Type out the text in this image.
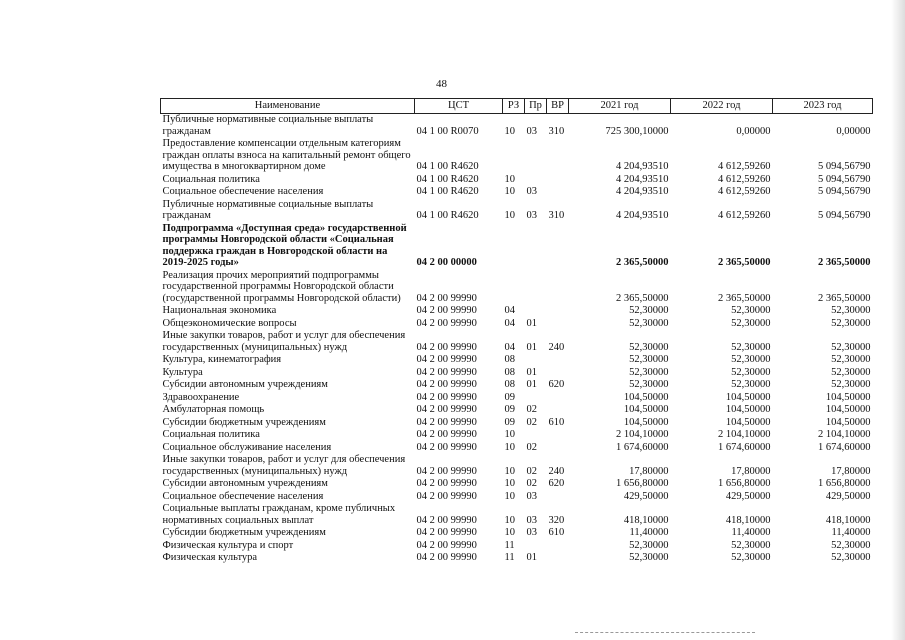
48
Наименование	ЦСТ	РЗ	Пр	ВР	2021 год	2022 год	2023 год
Публичные нормативные социальные выплаты гражданам	04 1 00 R0070	10	03	310	725 300,10000	0,00000	0,00000
Предоставление компенсации отдельным категориям граждан оплаты взноса на капитальный ремонт общего имущества в многоквартирном доме	04 1 00 R4620				4 204,93510	4 612,59260	5 094,56790
Социальная политика	04 1 00 R4620	10			4 204,93510	4 612,59260	5 094,56790
Социальное обеспечение населения	04 1 00 R4620	10	03		4 204,93510	4 612,59260	5 094,56790
Публичные нормативные социальные выплаты гражданам	04 1 00 R4620	10	03	310	4 204,93510	4 612,59260	5 094,56790
Подпрограмма «Доступная среда» государственной программы Новгородской области «Социальная поддержка граждан в Новгородской области на 2019-2025 годы»	04 2 00 00000				2 365,50000	2 365,50000	2 365,50000
Реализация прочих мероприятий подпрограммы государственной программы Новгородской области (государственной программы Новгородской области)	04 2 00 99990				2 365,50000	2 365,50000	2 365,50000
Национальная экономика	04 2 00 99990	04			52,30000	52,30000	52,30000
Общеэкономические вопросы	04 2 00 99990	04	01		52,30000	52,30000	52,30000
Иные закупки товаров, работ и услуг для обеспечения государственных (муниципальных) нужд	04 2 00 99990	04	01	240	52,30000	52,30000	52,30000
Культура, кинематография	04 2 00 99990	08			52,30000	52,30000	52,30000
Культура	04 2 00 99990	08	01		52,30000	52,30000	52,30000
Субсидии автономным учреждениям	04 2 00 99990	08	01	620	52,30000	52,30000	52,30000
Здравоохранение	04 2 00 99990	09			104,50000	104,50000	104,50000
Амбулаторная помощь	04 2 00 99990	09	02		104,50000	104,50000	104,50000
Субсидии бюджетным учреждениям	04 2 00 99990	09	02	610	104,50000	104,50000	104,50000
Социальная политика	04 2 00 99990	10			2 104,10000	2 104,10000	2 104,10000
Социальное обслуживание населения	04 2 00 99990	10	02		1 674,60000	1 674,60000	1 674,60000
Иные закупки товаров, работ и услуг для обеспечения государственных (муниципальных) нужд	04 2 00 99990	10	02	240	17,80000	17,80000	17,80000
Субсидии автономным учреждениям	04 2 00 99990	10	02	620	1 656,80000	1 656,80000	1 656,80000
Социальное обеспечение населения	04 2 00 99990	10	03		429,50000	429,50000	429,50000
Социальные выплаты гражданам, кроме публичных нормативных социальных выплат	04 2 00 99990	10	03	320	418,10000	418,10000	418,10000
Субсидии бюджетным учреждениям	04 2 00 99990	10	03	610	11,40000	11,40000	11,40000
Физическая культура и спорт	04 2 00 99990	11			52,30000	52,30000	52,30000
Физическая культура	04 2 00 99990	11	01		52,30000	52,30000	52,30000
